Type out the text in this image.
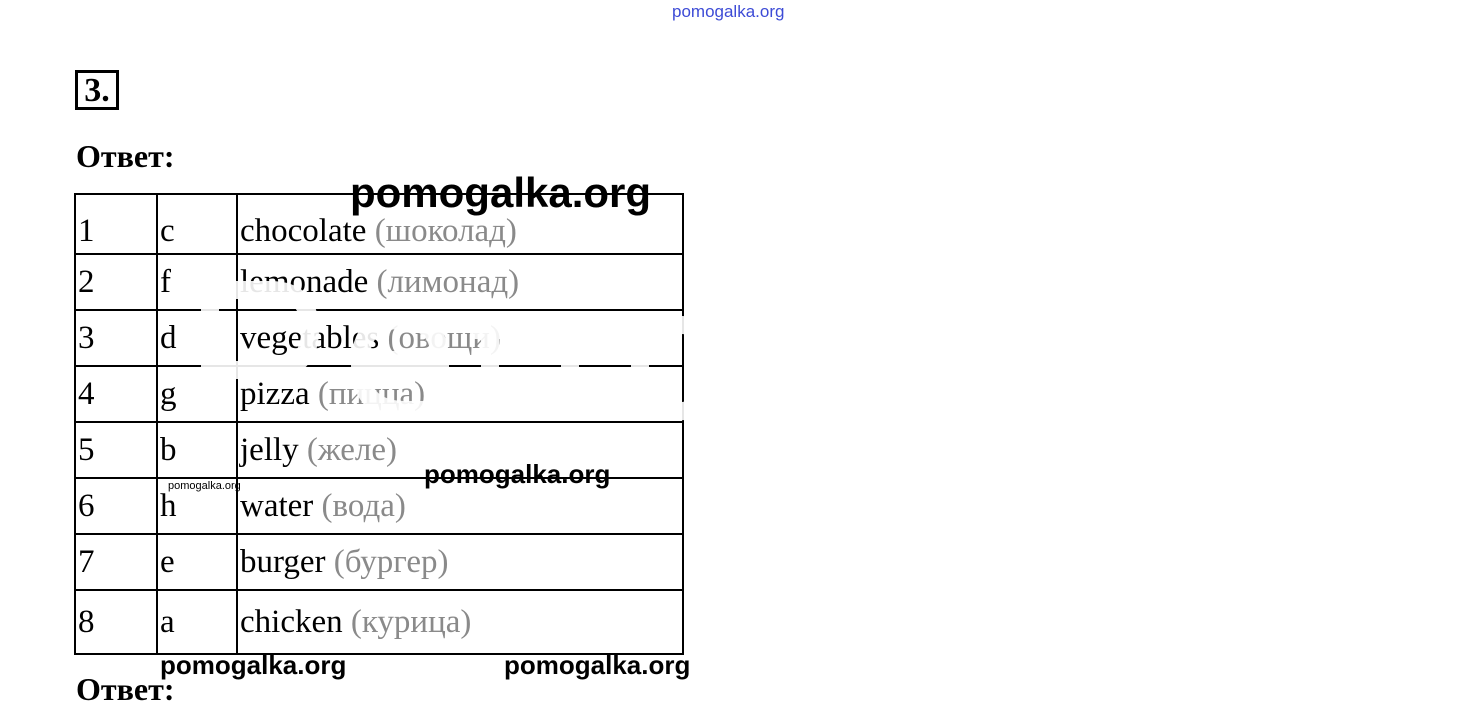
pomogalka.org
3.
Ответ:
1	c	chocolate (шоколад)
2	f	lemonade (лимонад)
3	d	vegetables (овощи)
4	g	pizza (пицца)
5	b	jelly (желе)
6	h	water (вода)
7	e	burger (бургер)
8	a	chicken (курица)
pomogalka.org
pomogalka.org
pomogalka.org
pomogalka.org	pomogalka.org
Ответ:
